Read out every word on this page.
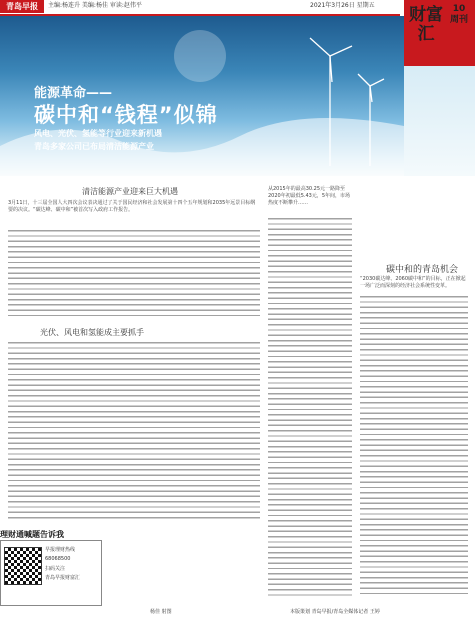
青岛早报	主编:杨连升 美编:杨佳 审读:赵伟平	2021年3月26日 星期五 财富汇
10 周刊
能源革命——
碳中和“钱程”似锦
风电、光伏、氢能等行业迎来新机遇
青岛多家公司已布局清洁能源产业
清洁能源产业迎来巨大机遇
3月11日，十三届全国人大四次会议表决通过了关于国民经济和社会发展第十四个五年规划和2035年远景目标纲要的决议。“碳达峰、碳中和”被首次写入政府工作报告。
光伏、风电和氢能成主要抓手
从2015年的最高30.25元一路降至2020年初最低5.43元，5年间，市场热度不断攀升……
碳中和的青岛机会
“2030碳达峰、2060碳中和”的目标，正在掀起一场广泛而深刻的经济社会系统性变革。
理财通喊题告诉我
早报理财热线
68068500
扫码关注
青岛早报财富汇
杨佳 射图	本版策划 青岛早报/青岛全媒体记者 王婷
